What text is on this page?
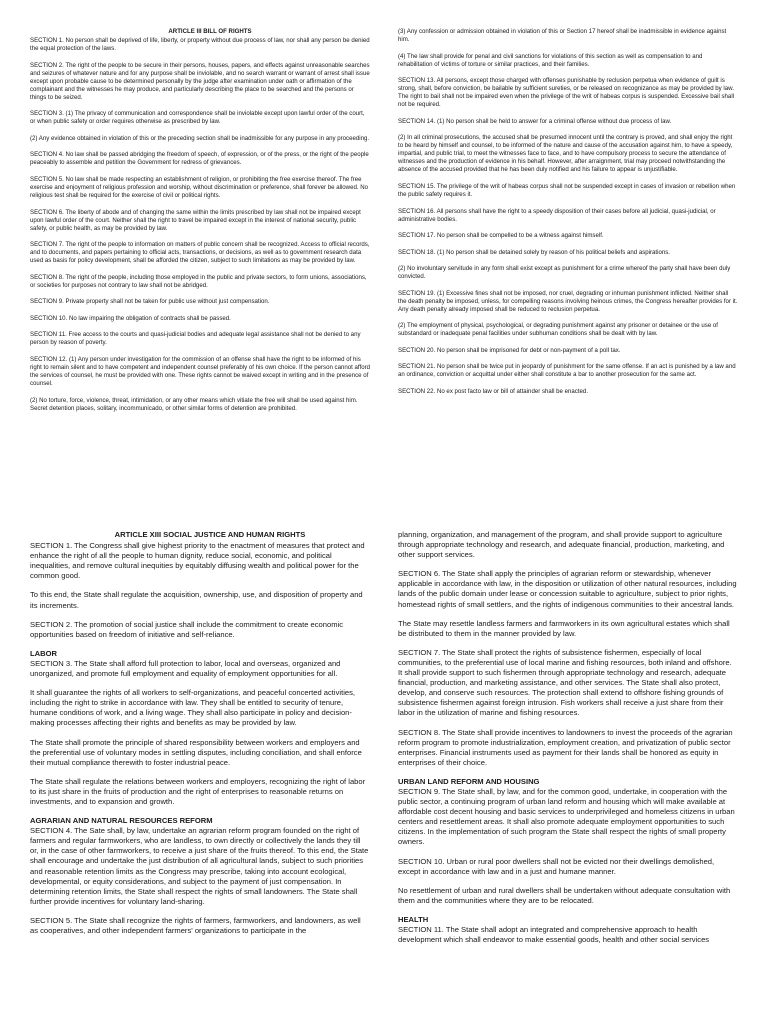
ARTICLE III BILL OF RIGHTS

SECTION 1. No person shall be deprived of life, liberty, or property without due process of law, nor shall any person be denied the equal protection of the laws.

SECTION 2. The right of the people to be secure in their persons, houses, papers, and effects against unreasonable searches and seizures of whatever nature and for any purpose shall be inviolable, and no search warrant or warrant of arrest shall issue except upon probable cause to be determined personally by the judge after examination under oath or affirmation of the complainant and the witnesses he may produce, and particularly describing the place to be searched and the persons or things to be seized.

SECTION 3. (1) The privacy of communication and correspondence shall be inviolable except upon lawful order of the court, or when public safety or order requires otherwise as prescribed by law.

(2) Any evidence obtained in violation of this or the preceding section shall be inadmissible for any purpose in any proceeding.

SECTION 4. No law shall be passed abridging the freedom of speech, of expression, or of the press, or the right of the people peaceably to assemble and petition the Government for redress of grievances.

SECTION 5. No law shall be made respecting an establishment of religion, or prohibiting the free exercise thereof. The free exercise and enjoyment of religious profession and worship, without discrimination or preference, shall forever be allowed. No religious test shall be required for the exercise of civil or political rights.

SECTION 6. The liberty of abode and of changing the same within the limits prescribed by law shall not be impaired except upon lawful order of the court. Neither shall the right to travel be impaired except in the interest of national security, public safety, or public health, as may be provided by law.

SECTION 7. The right of the people to information on matters of public concern shall be recognized. Access to official records, and to documents, and papers pertaining to official acts, transactions, or decisions, as well as to government research data used as basis for policy development, shall be afforded the citizen, subject to such limitations as may be provided by law.

SECTION 8. The right of the people, including those employed in the public and private sectors, to form unions, associations, or societies for purposes not contrary to law shall not be abridged.

SECTION 9. Private property shall not be taken for public use without just compensation.

SECTION 10. No law impairing the obligation of contracts shall be passed.

SECTION 11. Free access to the courts and quasi-judicial bodies and adequate legal assistance shall not be denied to any person by reason of poverty.

SECTION 12. (1) Any person under investigation for the commission of an offense shall have the right to be informed of his right to remain silent and to have competent and independent counsel preferably of his own choice. If the person cannot afford the services of counsel, he must be provided with one. These rights cannot be waived except in writing and in the presence of counsel.

(2) No torture, force, violence, threat, intimidation, or any other means which vitiate the free will shall be used against him. Secret detention places, solitary, incommunicado, or other similar forms of detention are prohibited.

(3) Any confession or admission obtained in violation of this or Section 17 hereof shall be inadmissible in evidence against him.

(4) The law shall provide for penal and civil sanctions for violations of this section as well as compensation to and rehabilitation of victims of torture or similar practices, and their families.

SECTION 13. All persons, except those charged with offenses punishable by reclusion perpetua when evidence of guilt is strong, shall, before conviction, be bailable by sufficient sureties, or be released on recognizance as may be provided by law. The right to bail shall not be impaired even when the privilege of the writ of habeas corpus is suspended. Excessive bail shall not be required.

SECTION 14. (1) No person shall be held to answer for a criminal offense without due process of law.

(2) In all criminal prosecutions, the accused shall be presumed innocent until the contrary is proved, and shall enjoy the right to be heard by himself and counsel, to be informed of the nature and cause of the accusation against him, to have a speedy, impartial, and public trial, to meet the witnesses face to face, and to have compulsory process to secure the attendance of witnesses and the production of evidence in his behalf. However, after arraignment, trial may proceed notwithstanding the absence of the accused provided that he has been duly notified and his failure to appear is unjustifiable.

SECTION 15. The privilege of the writ of habeas corpus shall not be suspended except in cases of invasion or rebellion when the public safety requires it.

SECTION 16. All persons shall have the right to a speedy disposition of their cases before all judicial, quasi-judicial, or administrative bodies.

SECTION 17. No person shall be compelled to be a witness against himself.

SECTION 18. (1) No person shall be detained solely by reason of his political beliefs and aspirations.

(2) No involuntary servitude in any form shall exist except as punishment for a crime whereof the party shall have been duly convicted.

SECTION 19. (1) Excessive fines shall not be imposed, nor cruel, degrading or inhuman punishment inflicted. Neither shall the death penalty be imposed, unless, for compelling reasons involving heinous crimes, the Congress hereafter provides for it. Any death penalty already imposed shall be reduced to reclusion perpetua.

(2) The employment of physical, psychological, or degrading punishment against any prisoner or detainee or the use of substandard or inadequate penal facilities under subhuman conditions shall be dealt with by law.

SECTION 20. No person shall be imprisoned for debt or non-payment of a poll tax.

SECTION 21. No person shall be twice put in jeopardy of punishment for the same offense. If an act is punished by a law and an ordinance, conviction or acquittal under either shall constitute a bar to another prosecution for the same act.

SECTION 22. No ex post facto law or bill of attainder shall be enacted.

ARTICLE XIII SOCIAL JUSTICE AND HUMAN RIGHTS

SECTION 1. The Congress shall give highest priority to the enactment of measures that protect and enhance the right of all the people to human dignity, reduce social, economic, and political inequalities, and remove cultural inequities by equitably diffusing wealth and political power for the common good.

To this end, the State shall regulate the acquisition, ownership, use, and disposition of property and its increments.

SECTION 2. The promotion of social justice shall include the commitment to create economic opportunities based on freedom of initiative and self-reliance.

LABOR

SECTION 3. The State shall afford full protection to labor, local and overseas, organized and unorganized, and promote full employment and equality of employment opportunities for all.

It shall guarantee the rights of all workers to self-organizations, and peaceful concerted activities, including the right to strike in accordance with law. They shall be entitled to security of tenure, humane conditions of work, and a living wage. They shall also participate in policy and decision-making processes affecting their rights and benefits as may be provided by law.

The State shall promote the principle of shared responsibility between workers and employers and the preferential use of voluntary modes in settling disputes, including conciliation, and shall enforce their mutual compliance therewith to foster industrial peace.

The State shall regulate the relations between workers and employers, recognizing the right of labor to its just share in the fruits of production and the right of enterprises to reasonable returns on investments, and to expansion and growth.

AGRARIAN AND NATURAL RESOURCES REFORM

SECTION 4. The Sate shall, by law, undertake an agrarian reform program founded on the right of farmers and regular farmworkers, who are landless, to own directly or collectively the lands they till or, in the case of other farmworkers, to receive a just share of the fruits thereof. To this end, the State shall encourage and undertake the just distribution of all agricultural lands, subject to such priorities and reasonable retention limits as the Congress may prescribe, taking into account ecological, developmental, or equity considerations, and subject to the payment of just compensation. In determining retention limits, the State shall respect the rights of small landowners. The State shall further provide incentives for voluntary land-sharing.

SECTION 5. The State shall recognize the rights of farmers, farmworkers, and landowners, as well as cooperatives, and other independent farmers' organizations to participate in the

planning, organization, and management of the program, and shall provide support to agriculture through appropriate technology and research, and adequate financial, production, marketing, and other support services.

SECTION 6. The State shall apply the principles of agrarian reform or stewardship, whenever applicable in accordance with law, in the disposition or utilization of other natural resources, including lands of the public domain under lease or concession suitable to agriculture, subject to prior rights, homestead rights of small settlers, and the rights of indigenous communities to their ancestral lands.

The State may resettle landless farmers and farmworkers in its own agricultural estates which shall be distributed to them in the manner provided by law.

SECTION 7. The State shall protect the rights of subsistence fishermen, especially of local communities, to the preferential use of local marine and fishing resources, both inland and offshore. It shall provide support to such fishermen through appropriate technology and research, adequate financial, production, and marketing assistance, and other services. The State shall also protect, develop, and conserve such resources. The protection shall extend to offshore fishing grounds of subsistence fishermen against foreign intrusion. Fish workers shall receive a just share from their labor in the utilization of marine and fishing resources.

SECTION 8. The State shall provide incentives to landowners to invest the proceeds of the agrarian reform program to promote industrialization, employment creation, and privatization of public sector enterprises. Financial instruments used as payment for their lands shall be honored as equity in enterprises of their choice.

URBAN LAND REFORM AND HOUSING

SECTION 9. The State shall, by law, and for the common good, undertake, in cooperation with the public sector, a continuing program of urban land reform and housing which will make available at affordable cost decent housing and basic services to underprivileged and homeless citizens in urban centers and resettlement areas. It shall also promote adequate employment opportunities to such citizens. In the implementation of such program the State shall respect the rights of small property owners.

SECTION 10. Urban or rural poor dwellers shall not be evicted nor their dwellings demolished, except in accordance with law and in a just and humane manner.

No resettlement of urban and rural dwellers shall be undertaken without adequate consultation with them and the communities where they are to be relocated.

HEALTH

SECTION 11. The State shall adopt an integrated and comprehensive approach to health development which shall endeavor to make essential goods, health and other social services
